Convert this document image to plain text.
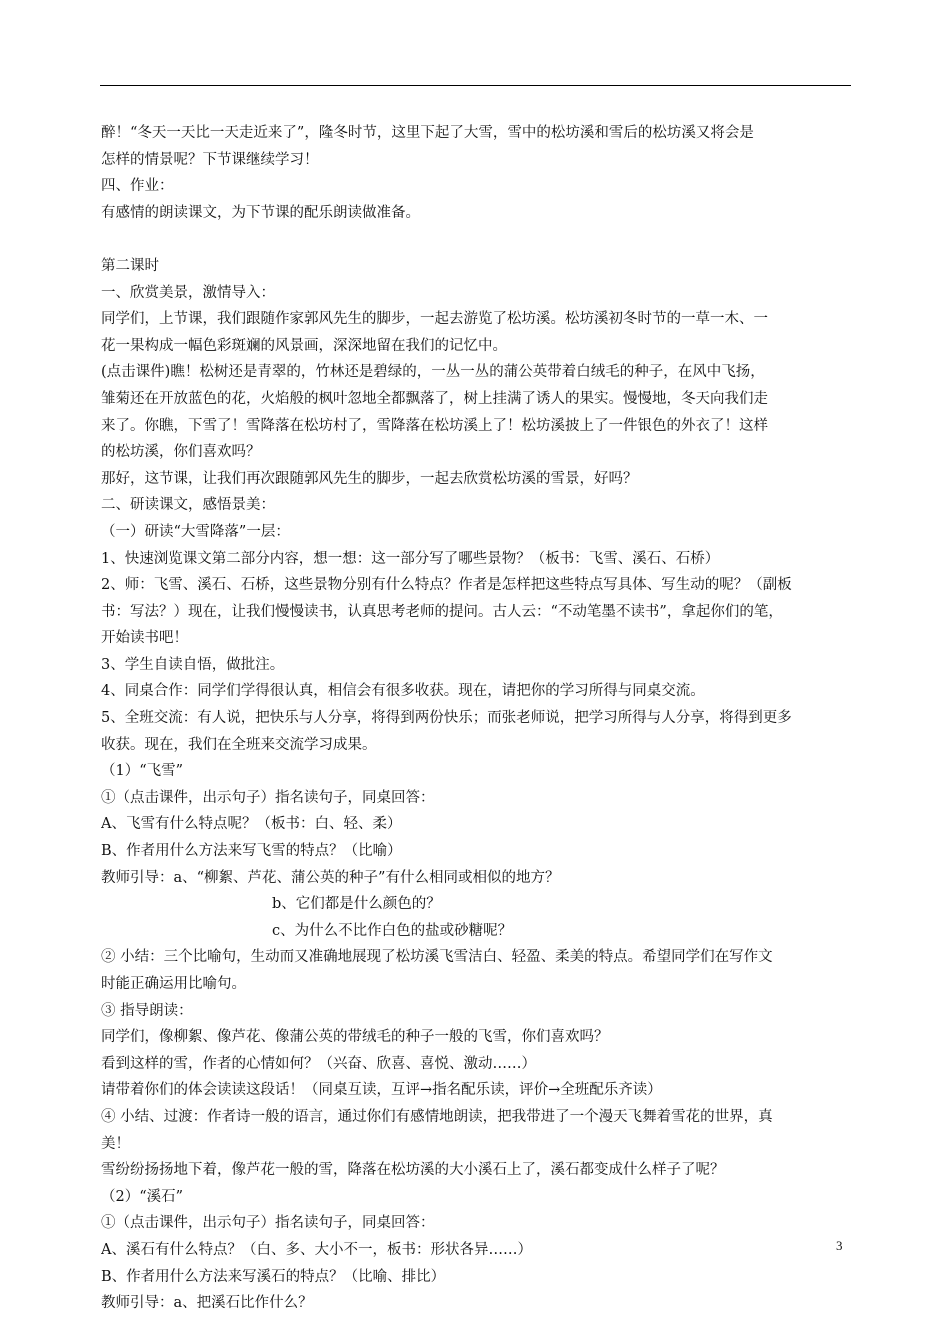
醉！“冬天一天比一天走近来了”，隆冬时节，这里下起了大雪，雪中的松坊溪和雪后的松坊溪又将会是
怎样的情景呢？下节课继续学习！
四、作业：
有感情的朗读课文，为下节课的配乐朗读做准备。
第二课时
一、欣赏美景，激情导入：
同学们，上节课，我们跟随作家郭风先生的脚步，一起去游览了松坊溪。松坊溪初冬时节的一草一木、一
花一果构成一幅色彩斑斓的风景画，深深地留在我们的记忆中。
(点击课件)瞧！松树还是青翠的，竹林还是碧绿的，一丛一丛的蒲公英带着白绒毛的种子，在风中飞扬，
雏菊还在开放蓝色的花，火焰般的枫叶忽地全都飘落了，树上挂满了诱人的果实。慢慢地，冬天向我们走
来了。你瞧，下雪了！雪降落在松坊村了，雪降落在松坊溪上了！松坊溪披上了一件银色的外衣了！这样
的松坊溪，你们喜欢吗？
那好，这节课，让我们再次跟随郭风先生的脚步，一起去欣赏松坊溪的雪景，好吗？
二、研读课文，感悟景美：
（一）研读“大雪降落”一层：
1、快速浏览课文第二部分内容，想一想：这一部分写了哪些景物？（板书：飞雪、溪石、石桥）
2、师：飞雪、溪石、石桥，这些景物分别有什么特点？作者是怎样把这些特点写具体、写生动的呢？（副板
书：写法？）现在，让我们慢慢读书，认真思考老师的提问。古人云：“不动笔墨不读书”，拿起你们的笔，
开始读书吧！
3、学生自读自悟，做批注。
4、同桌合作：同学们学得很认真，相信会有很多收获。现在，请把你的学习所得与同桌交流。
5、全班交流：有人说，把快乐与人分享，将得到两份快乐；而张老师说，把学习所得与人分享，将得到更多
收获。现在，我们在全班来交流学习成果。
（1）“飞雪”
①（点击课件，出示句子）指名读句子，同桌回答：
A、飞雪有什么特点呢？（板书：白、轻、柔）
B、作者用什么方法来写飞雪的特点？（比喻）
教师引导：a、“柳絮、芦花、蒲公英的种子”有什么相同或相似的地方？
b、它们都是什么颜色的？
c、为什么不比作白色的盐或砂糖呢？
② 小结：三个比喻句，生动而又准确地展现了松坊溪飞雪洁白、轻盈、柔美的特点。希望同学们在写作文
时能正确运用比喻句。
③ 指导朗读：
同学们，像柳絮、像芦花、像蒲公英的带绒毛的种子一般的飞雪，你们喜欢吗？
看到这样的雪，作者的心情如何？（兴奋、欣喜、喜悦、激动……）
请带着你们的体会读读这段话！（同桌互读，互评→指名配乐读，评价→全班配乐齐读）
④ 小结、过渡：作者诗一般的语言，通过你们有感情地朗读，把我带进了一个漫天飞舞着雪花的世界，真
美！
雪纷纷扬扬地下着，像芦花一般的雪，降落在松坊溪的大小溪石上了，溪石都变成什么样子了呢？
（2）“溪石”
①（点击课件，出示句子）指名读句子，同桌回答：
A、溪石有什么特点？（白、多、大小不一，板书：形状各异……）
B、作者用什么方法来写溪石的特点？（比喻、排比）
教师引导：a、把溪石比作什么？
3
